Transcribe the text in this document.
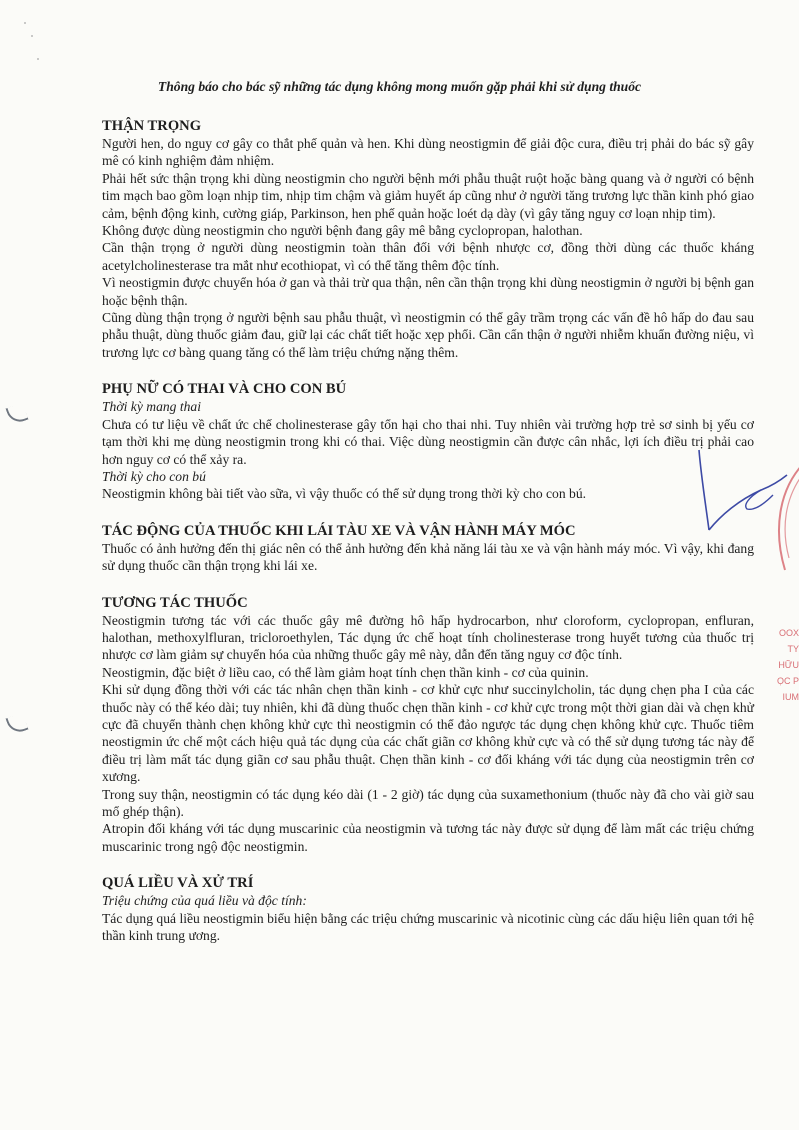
Thông báo cho bác sỹ những tác dụng không mong muốn gặp phải khi sử dụng thuốc
THẬN TRỌNG

Người hen, do nguy cơ gây co thắt phế quản và hen. Khi dùng neostigmin để giải độc cura, điều trị phải do bác sỹ gây mê có kinh nghiệm đảm nhiệm.

Phải hết sức thận trọng khi dùng neostigmin cho người bệnh mới phẫu thuật ruột hoặc bàng quang và ở người có bệnh tim mạch bao gồm loạn nhịp tim, nhịp tim chậm và giảm huyết áp cũng như ở người tăng trương lực thần kinh phó giao cảm, bệnh động kinh, cường giáp, Parkinson, hen phế quản hoặc loét dạ dày (vì gây tăng nguy cơ loạn nhịp tim).

Không được dùng neostigmin cho người bệnh đang gây mê bằng cyclopropan, halothan.

Cần thận trọng ở người dùng neostigmin toàn thân đối với bệnh nhược cơ, đồng thời dùng các thuốc kháng acetylcholinesterase tra mắt như ecothiopat, vì có thể tăng thêm độc tính.

Vì neostigmin được chuyển hóa ở gan và thải trừ qua thận, nên cần thận trọng khi dùng neostigmin ở người bị bệnh gan hoặc bệnh thận.

Cũng dùng thận trọng ở người bệnh sau phẫu thuật, vì neostigmin có thể gây trầm trọng các vấn đề hô hấp do đau sau phẫu thuật, dùng thuốc giảm đau, giữ lại các chất tiết hoặc xẹp phổi. Cần cẩn thận ở người nhiễm khuẩn đường niệu, vì trương lực cơ bàng quang tăng có thể làm triệu chứng nặng thêm.

PHỤ NỮ CÓ THAI VÀ CHO CON BÚ

Thời kỳ mang thai

Chưa có tư liệu về chất ức chế cholinesterase gây tổn hại cho thai nhi. Tuy nhiên vài trường hợp trẻ sơ sinh bị yếu cơ tạm thời khi mẹ dùng neostigmin trong khi có thai. Việc dùng neostigmin cần được cân nhắc, lợi ích điều trị phải cao hơn nguy cơ có thể xảy ra.

Thời kỳ cho con bú

Neostigmin không bài tiết vào sữa, vì vậy thuốc có thể sử dụng trong thời kỳ cho con bú.

TÁC ĐỘNG CỦA THUỐC KHI LÁI TÀU XE VÀ VẬN HÀNH MÁY MÓC

Thuốc có ảnh hưởng đến thị giác nên có thể ảnh hưởng đến khả năng lái tàu xe và vận hành máy móc. Vì vậy, khi đang sử dụng thuốc cần thận trọng khi lái xe.

TƯƠNG TÁC THUỐC

Neostigmin tương tác với các thuốc gây mê đường hô hấp hydrocarbon, như cloroform, cyclopropan, enfluran, halothan, methoxylfluran, tricloroethylen, Tác dụng ức chế hoạt tính cholinesterase trong huyết tương của thuốc trị nhược cơ làm giảm sự chuyển hóa của những thuốc gây mê này, dẫn đến tăng nguy cơ độc tính.

Neostigmin, đặc biệt ở liều cao, có thể làm giảm hoạt tính chẹn thần kinh - cơ của quinin.

Khi sử dụng đồng thời với các tác nhân chẹn thần kinh - cơ khử cực như succinylcholin, tác dụng chẹn pha I của các thuốc này có thể kéo dài; tuy nhiên, khi đã dùng thuốc chẹn thần kinh - cơ khử cực trong một thời gian dài và chẹn khử cực đã chuyển thành chẹn không khử cực thì neostigmin có thể đảo ngược tác dụng chẹn không khử cực. Thuốc tiêm neostigmin ức chế một cách hiệu quả tác dụng của các chất giãn cơ không khử cực và có thể sử dụng tương tác này để điều trị làm mất tác dụng giãn cơ sau phẫu thuật. Chẹn thần kinh - cơ đối kháng với tác dụng của neostigmin trên cơ xương.

Trong suy thận, neostigmin có tác dụng kéo dài (1 - 2 giờ) tác dụng của suxamethonium (thuốc này đã cho vài giờ sau mổ ghép thận).

Atropin đối kháng với tác dụng muscarinic của neostigmin và tương tác này được sử dụng để làm mất các triệu chứng muscarinic trong ngộ độc neostigmin.

QUÁ LIỀU VÀ XỬ TRÍ

Triệu chứng của quá liều và độc tính:

Tác dụng quá liều neostigmin biểu hiện bằng các triệu chứng muscarinic và nicotinic cùng các dấu hiệu liên quan tới hệ thần kinh trung ương.

OOX
TY
HỮU
ỌC P
IUM
